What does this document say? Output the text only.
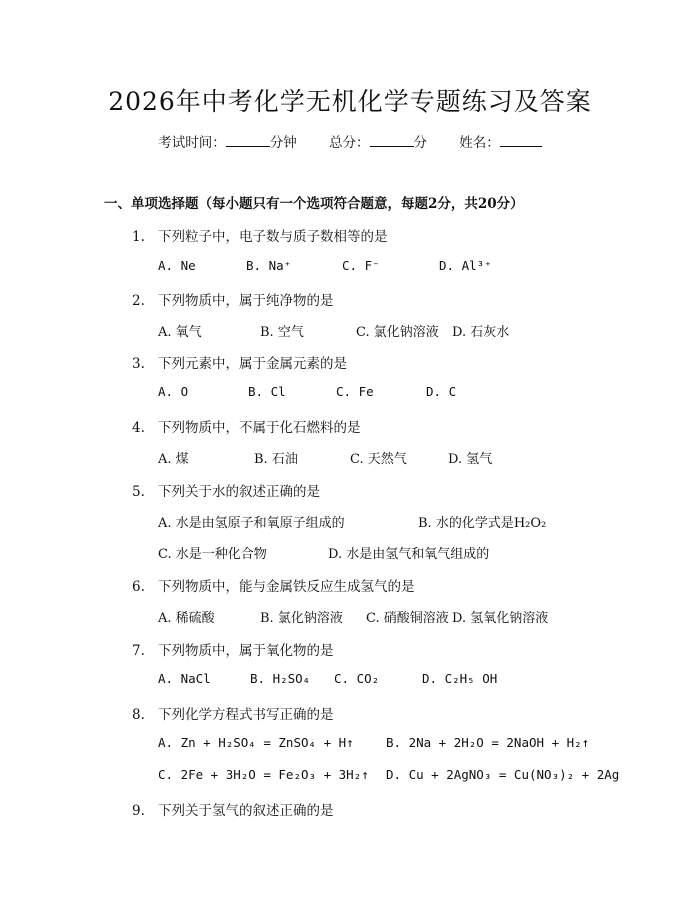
2026年中考化学无机化学专题练习及答案
考试时间：	分钟 总分：	分 姓名：
一、单项选择题（每小题只有一个选项符合题意，每题2分，共20分）
1. 下列粒子中，电子数与质子数相等的是
A. Ne	B. Na⁺	C. F⁻	D. Al³⁺
2. 下列物质中，属于纯净物的是
A. 氧气	B. 空气	C. 氯化钠溶液 D. 石灰水
3. 下列元素中，属于金属元素的是
A. O	B. Cl	C. Fe	D. C
4. 下列物质中，不属于化石燃料的是
A. 煤	B. 石油	C. 天然气	D. 氢气
5. 下列关于水的叙述正确的是
A. 水是由氢原子和氧原子组成的	B. 水的化学式是H₂O₂
C. 水是一种化合物	D. 水是由氢气和氧气组成的
6. 下列物质中，能与金属铁反应生成氢气的是
A. 稀硫酸	B. 氯化钠溶液 C. 硝酸铜溶液 D. 氢氧化钠溶液
7. 下列物质中，属于氧化物的是
A. NaCl	B. H₂SO₄ C. CO₂	D. C₂H₅ OH
8. 下列化学方程式书写正确的是
A. Zn + H₂SO₄ = ZnSO₄ + H↑	B. 2Na + 2H₂O = 2NaOH + H₂↑
C. 2Fe + 3H₂O = Fe₂O₃ + 3H₂↑ D. Cu + 2AgNO₃ = Cu(NO₃)₂ + 2Ag
9. 下列关于氢气的叙述正确的是
